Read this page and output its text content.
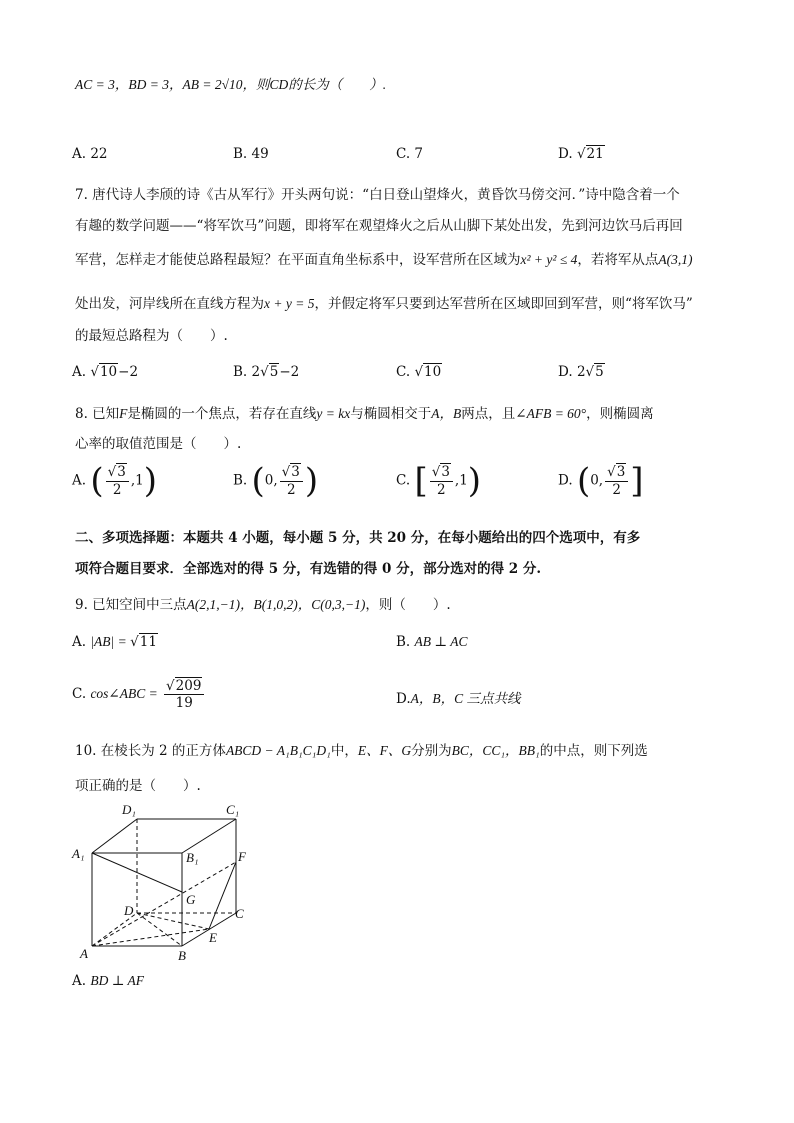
AC = 3，BD = 3，AB = 2√10，则CD的长为（　　）.
A. 22	B. 49	C. 7	D. √21
7. 唐代诗人李颀的诗《古从军行》开头两句说：“白日登山望烽火，黄昏饮马傍交河．”诗中隐含着一个
有趣的数学问题——“将军饮马”问题，即将军在观望烽火之后从山脚下某处出发，先到河边饮马后再回
军营，怎样走才能使总路程最短？在平面直角坐标系中，设军营所在区域为x² + y² ≤ 4，若将军从点A(3,1)
处出发，河岸线所在直线方程为x + y = 5，并假定将军只要到达军营所在区域即回到军营，则“将军饮马”
的最短总路程为（　　）.
A. √10−2	B. 2√5−2	C. √10	D. 2√5
8. 已知F是椭圆的一个焦点，若存在直线y = kx与椭圆相交于A，B两点，且∠AFB = 60°，则椭圆离
心率的取值范围是（　　）.
A. ( $\frac{√3}{2} ,1$)	B. (0, $\frac{√3}{2}$ )	C. [ $\frac{√3}{2} ,1$)	D. (0, $\frac{√3}{2}$ ]
二、多项选择题：本题共 4 小题，每小题 5 分，共 20 分，在每小题给出的四个选项中，有多
项符合题目要求．全部选对的得 5 分，有选错的得 0 分，部分选对的得 2 分.
9. 已知空间中三点A(2,1,−1)，B(1,0,2)，C(0,3,−1)，则（　　）.
A. |AB| = √11	B. AB ⊥ AC
C. cos∠ABC = $\frac{√209}{19}$	D.A，B，C 三点共线
10. 在棱长为 2 的正方体ABCD − A₁B₁C₁D₁中，E、F、G分别为BC，CC₁，BB₁的中点，则下列选
项正确的是（　　）.
D₁	C₁
A₁	B₁	F
G
D	C
E
A	B
A. BD ⊥ AF
